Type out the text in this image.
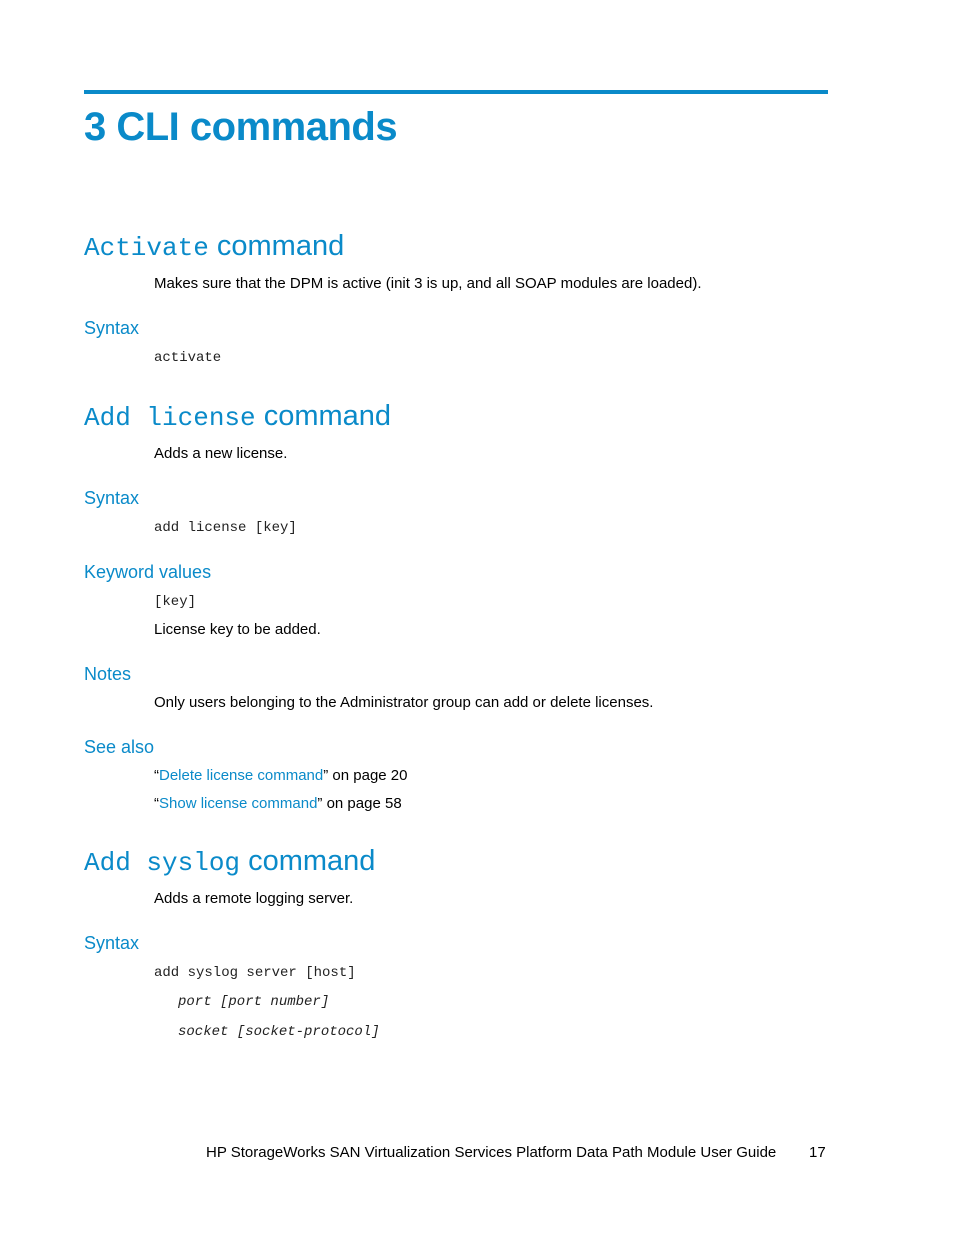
3 CLI commands
Activate command

Makes sure that the DPM is active (init 3 is up, and all SOAP modules are loaded).

Syntax
activate
Add license command

Adds a new license.

Syntax
add license [key]
Keyword values
[key]

License key to be added.

Notes

Only users belonging to the Administrator group can add or delete licenses.

See also

“Delete license command” on page 20

“Show license command” on page 58

Add syslog command

Adds a remote logging server.

Syntax
add syslog server [host]
port [port number]
socket [socket-protocol]
HP StorageWorks SAN Virtualization Services Platform Data Path Module User Guide 17
